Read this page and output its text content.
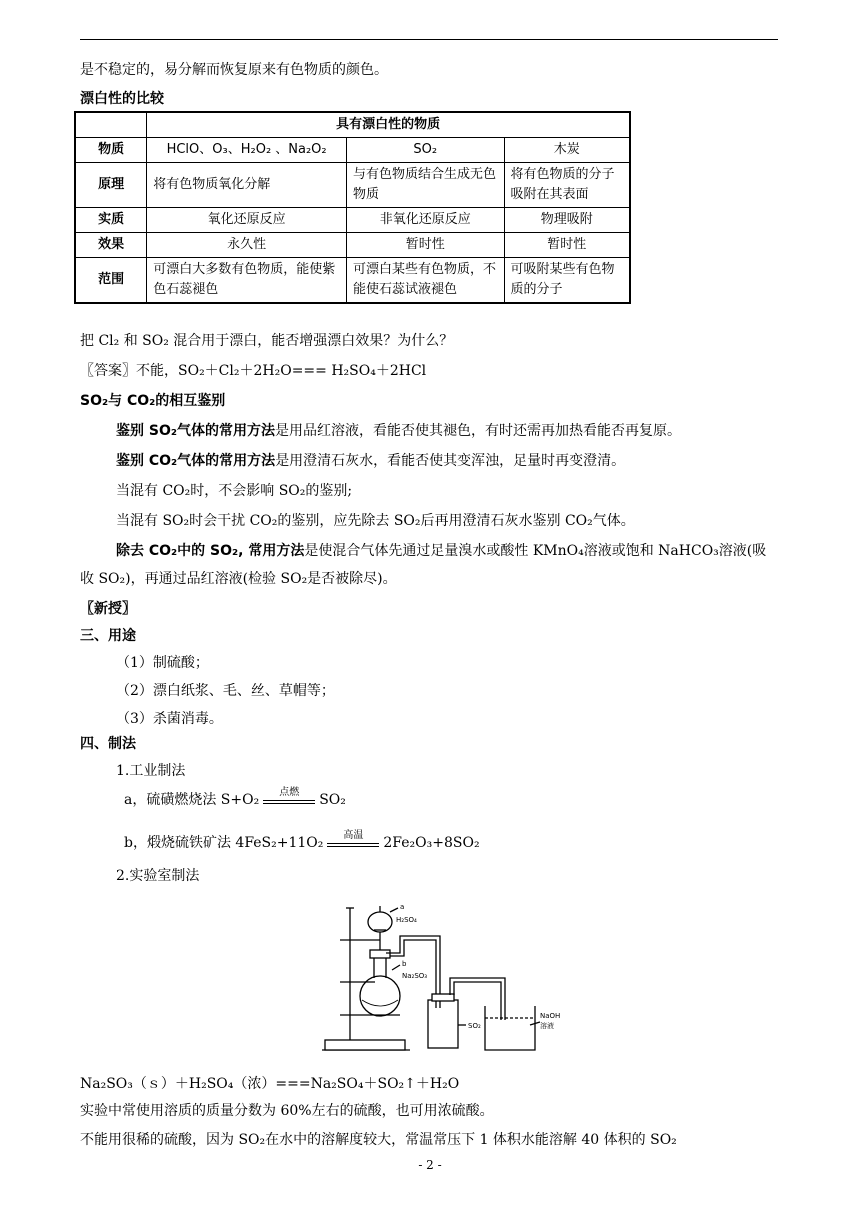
是不稳定的，易分解而恢复原来有色物质的颜色。
漂白性的比较
	具有漂白性的物质		
物质	HClO、O₃、H₂O₂ 、Na₂O₂	SO₂	木炭
原理	将有色物质氧化分解	与有色物质结合生成无色物质	将有色物质的分子吸附在其表面
实质	氧化还原反应	非氧化还原反应	物理吸附
效果	永久性	暂时性	暂时性
范围	可漂白大多数有色物质，能使紫色石蕊褪色	可漂白某些有色物质，不能使石蕊试液褪色	可吸附某些有色物质的分子
把 Cl₂ 和 SO₂ 混合用于漂白，能否增强漂白效果？为什么？
〖答案〗不能，SO₂＋Cl₂＋2H₂O=== H₂SO₄＋2HCl
SO₂与 CO₂的相互鉴别
鉴别 SO₂气体的常用方法是用品红溶液，看能否使其褪色，有时还需再加热看能否再复原。
鉴别 CO₂气体的常用方法是用澄清石灰水，看能否使其变浑浊，足量时再变澄清。
当混有 CO₂时，不会影响 SO₂的鉴别;
当混有 SO₂时会干扰 CO₂的鉴别，应先除去 SO₂后再用澄清石灰水鉴别 CO₂气体。
除去 CO₂中的 SO₂, 常用方法是使混合气体先通过足量溴水或酸性 KMnO₄溶液或饱和 NaHCO₃溶液(吸
收 SO₂)，再通过品红溶液(检验 SO₂是否被除尽)。
〖新授〗
三、用途
（1）制硫酸；
（2）漂白纸浆、毛、丝、草帽等；
（3）杀菌消毒。
四、制法
1.工业制法
a，硫磺燃烧法 S+O₂	点燃	SO₂
b，煅烧硫铁矿法 4FeS₂+11O₂	高温	2Fe₂O₃+8SO₂
2.实验室制法
a
H₂SO₄
b
Na₂SO₃
SO₂
NaOH
溶液
Na₂SO₃（ｓ）＋H₂SO₄（浓）===Na₂SO₄＋SO₂↑＋H₂O
实验中常使用溶质的质量分数为 60%左右的硫酸，也可用浓硫酸。
不能用很稀的硫酸，因为 SO₂在水中的溶解度较大，常温常压下 1 体积水能溶解 40 体积的 SO₂
- 2 -
